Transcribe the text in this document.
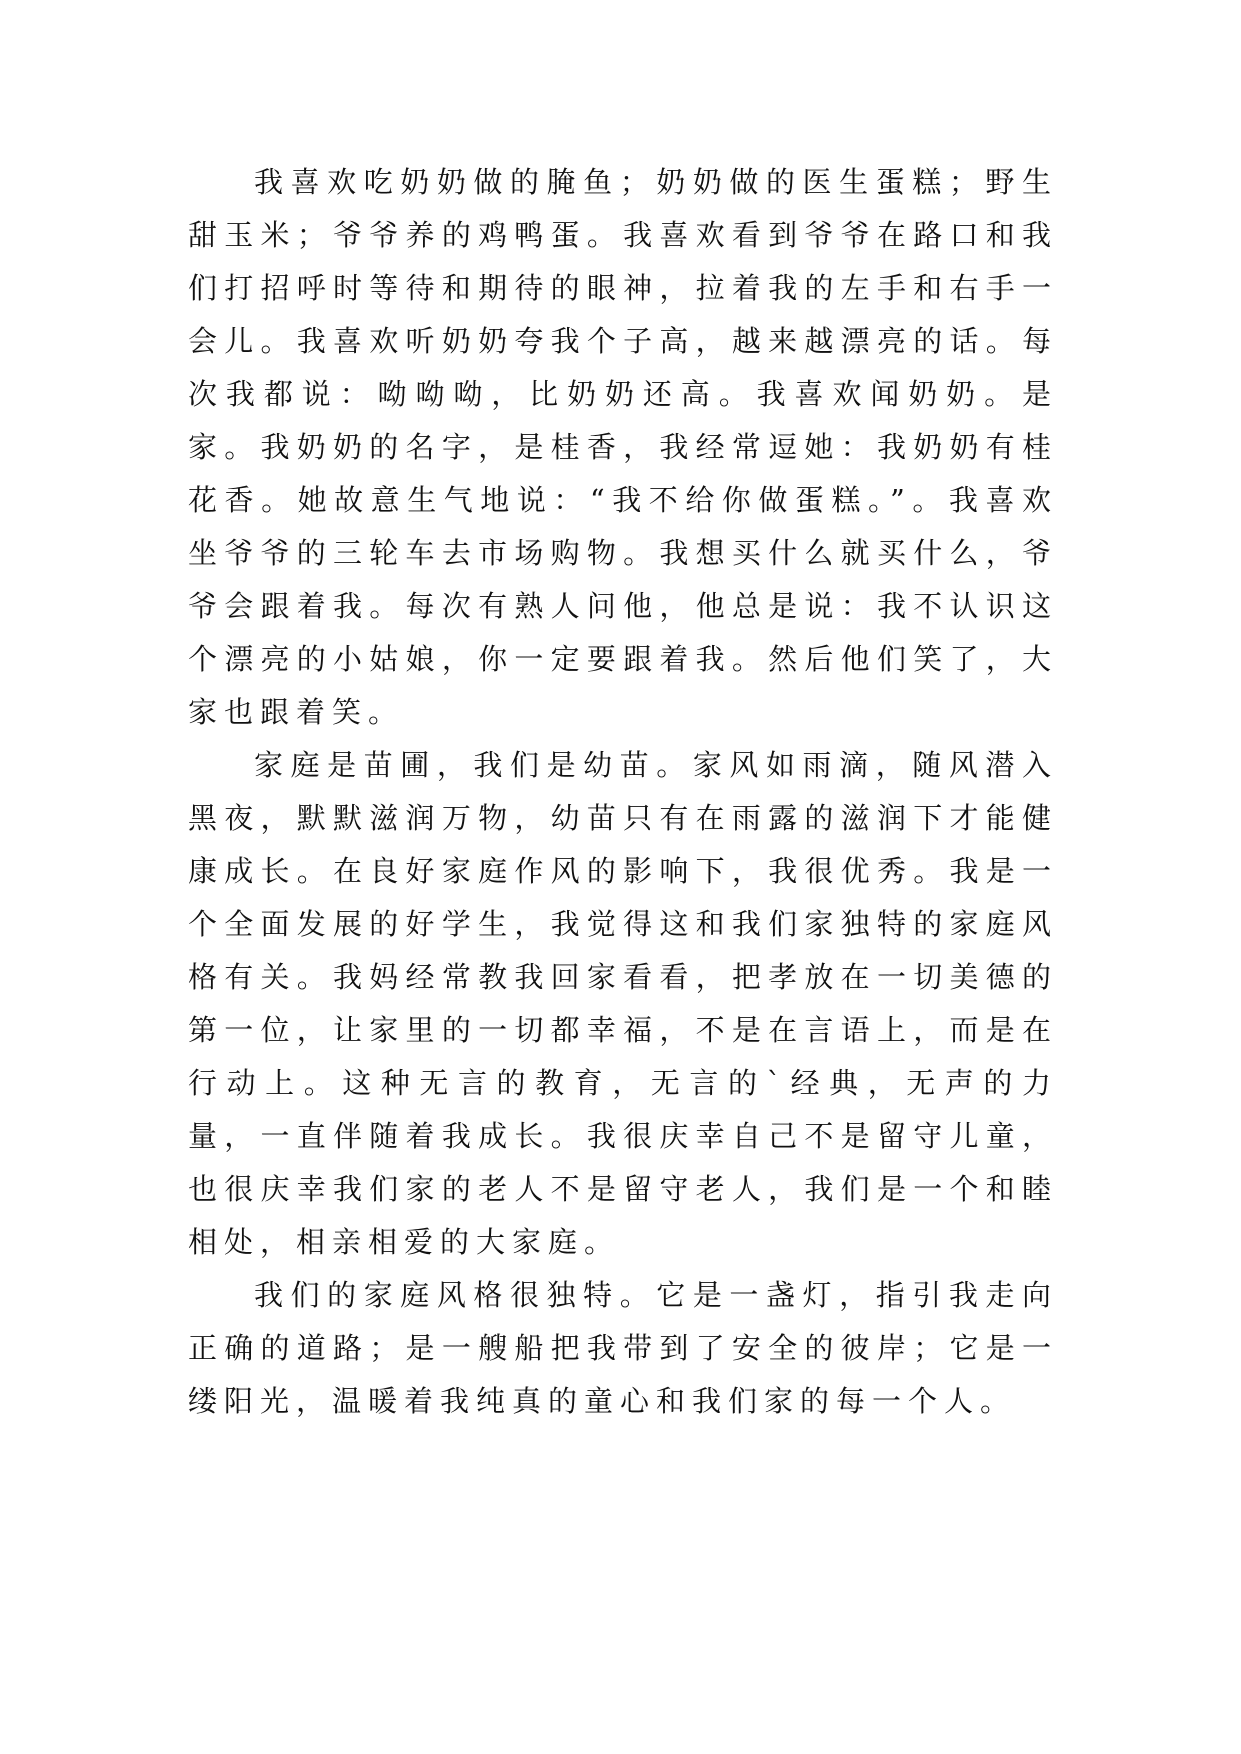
我喜欢吃奶奶做的腌鱼；奶奶做的医生蛋糕；野生甜玉米；爷爷养的鸡鸭蛋。我喜欢看到爷爷在路口和我们打招呼时等待和期待的眼神，拉着我的左手和右手一会儿。我喜欢听奶奶夸我个子高，越来越漂亮的话。每次我都说：呦呦呦，比奶奶还高。我喜欢闻奶奶。是家。我奶奶的名字，是桂香，我经常逗她：我奶奶有桂花香。她故意生气地说：“我不给你做蛋糕。”。我喜欢坐爷爷的三轮车去市场购物。我想买什么就买什么，爷爷会跟着我。每次有熟人问他，他总是说：我不认识这个漂亮的小姑娘，你一定要跟着我。然后他们笑了，大家也跟着笑。

家庭是苗圃，我们是幼苗。家风如雨滴，随风潜入黑夜，默默滋润万物，幼苗只有在雨露的滋润下才能健康成长。在良好家庭作风的影响下，我很优秀。我是一个全面发展的好学生，我觉得这和我们家独特的家庭风格有关。我妈经常教我回家看看，把孝放在一切美德的第一位，让家里的一切都幸福，不是在言语上，而是在行动上。这种无言的教育，无言的`经典，无声的力量，一直伴随着我成长。我很庆幸自己不是留守儿童，也很庆幸我们家的老人不是留守老人，我们是一个和睦相处，相亲相爱的大家庭。

我们的家庭风格很独特。它是一盏灯，指引我走向正确的道路；是一艘船把我带到了安全的彼岸；它是一缕阳光，温暖着我纯真的童心和我们家的每一个人。
